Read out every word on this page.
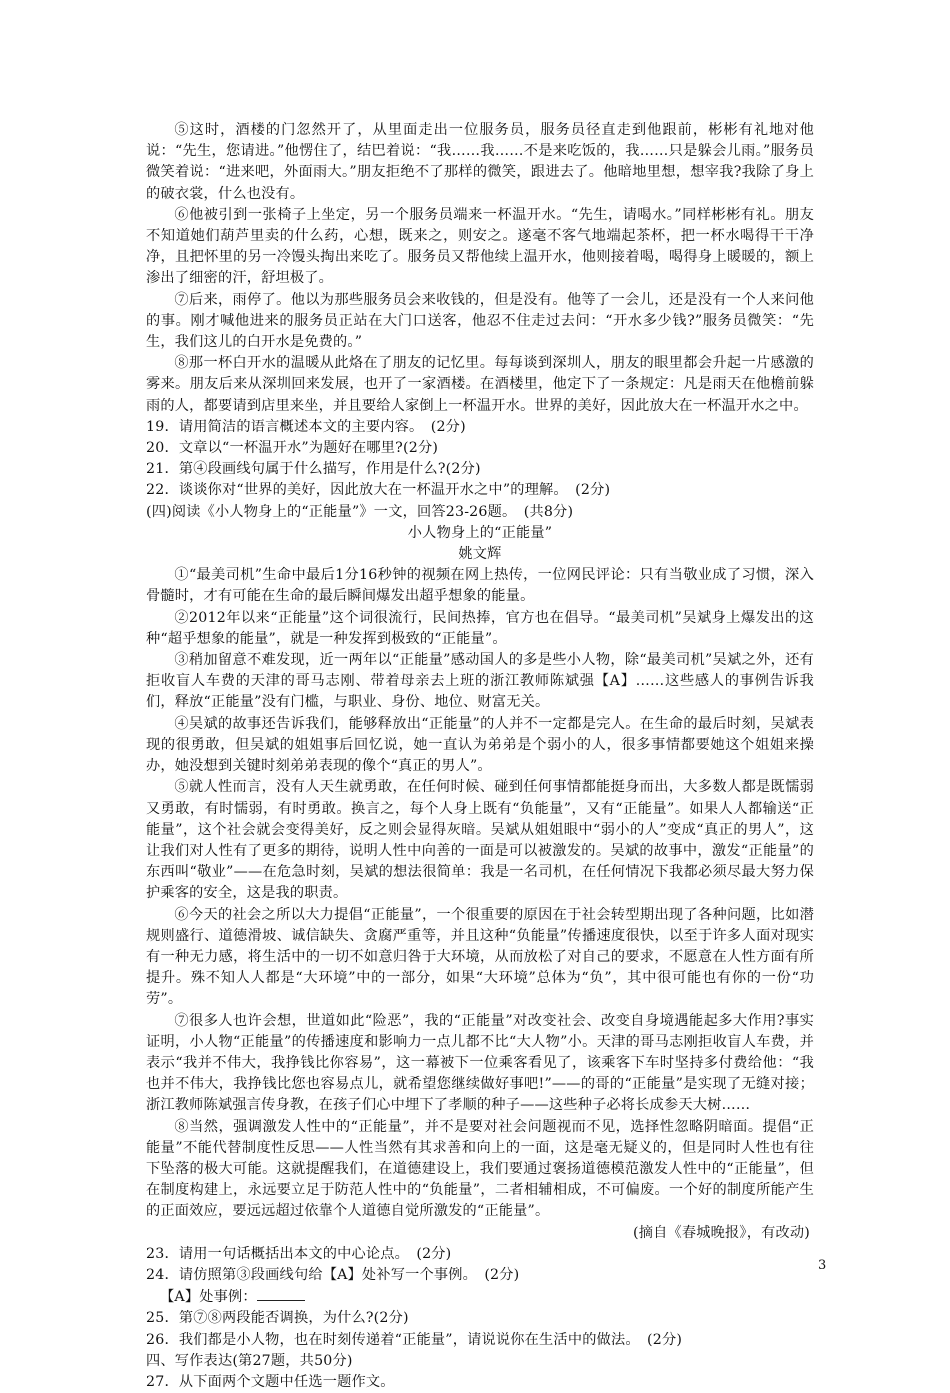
⑤这时，酒楼的门忽然开了，从里面走出一位服务员，服务员径直走到他跟前，彬彬有礼地对他说：“先生，您请进。”他愣住了，结巴着说：“我……我……不是来吃饭的，我……只是躲会儿雨。”服务员微笑着说：“进来吧，外面雨大。”朋友拒绝不了那样的微笑，跟进去了。他暗地里想，想宰我?我除了身上的破衣裳，什么也没有。

⑥他被引到一张椅子上坐定，另一个服务员端来一杯温开水。“先生，请喝水。”同样彬彬有礼。朋友不知道她们葫芦里卖的什么药，心想，既来之，则安之。遂毫不客气地端起茶杯，把一杯水喝得干干净净，且把怀里的另一冷馒头掏出来吃了。服务员又帮他续上温开水，他则接着喝，喝得身上暖暖的，额上渗出了细密的汗，舒坦极了。

⑦后来，雨停了。他以为那些服务员会来收钱的，但是没有。他等了一会儿，还是没有一个人来问他的事。刚才喊他进来的服务员正站在大门口送客，他忍不住走过去问：“开水多少钱?”服务员微笑：“先生，我们这儿的白开水是免费的。”

⑧那一杯白开水的温暖从此烙在了朋友的记忆里。每每谈到深圳人，朋友的眼里都会升起一片感激的雾来。朋友后来从深圳回来发展，也开了一家酒楼。在酒楼里，他定下了一条规定：凡是雨天在他檐前躲雨的人，都要请到店里来坐，并且要给人家倒上一杯温开水。世界的美好，因此放大在一杯温开水之中。

19．请用简洁的语言概述本文的主要内容。　(2分)

20．文章以“一杯温开水”为题好在哪里?(2分)

21．第④段画线句属于什么描写，作用是什么?(2分)

22．谈谈你对“世界的美好，因此放大在一杯温开水之中”的理解。　(2分)

(四)阅读《小人物身上的“正能量”》一文，回答23-26题。　(共8分)

小人物身上的“正能量”

姚文辉

①“最美司机”生命中最后1分16秒钟的视频在网上热传，一位网民评论：只有当敬业成了习惯，深入骨髓时，才有可能在生命的最后瞬间爆发出超乎想象的能量。

②2012年以来“正能量”这个词很流行，民间热捧，官方也在倡导。“最美司机”吴斌身上爆发出的这种“超乎想象的能量”，就是一种发挥到极致的“正能量”。

③稍加留意不难发现，近一两年以“正能量”感动国人的多是些小人物，除“最美司机”吴斌之外，还有拒收盲人车费的天津的哥马志刚、带着母亲去上班的浙江教师陈斌强【A】……这些感人的事例告诉我们，释放“正能量”没有门槛，与职业、身份、地位、财富无关。

④吴斌的故事还告诉我们，能够释放出“正能量”的人并不一定都是完人。在生命的最后时刻，吴斌表现的很勇敢，但吴斌的姐姐事后回忆说，她一直认为弟弟是个弱小的人，很多事情都要她这个姐姐来操办，她没想到关键时刻弟弟表现的像个“真正的男人”。

⑤就人性而言，没有人天生就勇敢，在任何时候、碰到任何事情都能挺身而出，大多数人都是既懦弱又勇敢，有时懦弱，有时勇敢。换言之，每个人身上既有“负能量”，又有“正能量”。如果人人都输送“正能量”，这个社会就会变得美好，反之则会显得灰暗。吴斌从姐姐眼中“弱小的人”变成“真正的男人”，这让我们对人性有了更多的期待，说明人性中向善的一面是可以被激发的。吴斌的故事中，激发“正能量”的东西叫“敬业”——在危急时刻，吴斌的想法很简单：我是一名司机，在任何情况下我都必须尽最大努力保护乘客的安全，这是我的职责。

⑥今天的社会之所以大力提倡“正能量”，一个很重要的原因在于社会转型期出现了各种问题，比如潜规则盛行、道德滑坡、诚信缺失、贪腐严重等，并且这种“负能量”传播速度很快，以至于许多人面对现实有一种无力感，将生活中的一切不如意归咎于大环境，从而放松了对自己的要求，不愿意在人性方面有所提升。殊不知人人都是“大环境”中的一部分，如果“大环境”总体为“负”，其中很可能也有你的一份“功劳”。

⑦很多人也许会想，世道如此“险恶”，我的“正能量”对改变社会、改变自身境遇能起多大作用?事实证明，小人物“正能量”的传播速度和影响力一点儿都不比“大人物”小。天津的哥马志刚拒收盲人车费，并表示“我并不伟大，我挣钱比你容易”，这一幕被下一位乘客看见了，该乘客下车时坚持多付费给他：“我也并不伟大，我挣钱比您也容易点儿，就希望您继续做好事吧!”——的哥的“正能量”是实现了无缝对接；浙江教师陈斌强言传身教，在孩子们心中埋下了孝顺的种子——这些种子必将长成参天大树……

⑧当然，强调激发人性中的“正能量”，并不是要对社会问题视而不见，选择性忽略阴暗面。提倡“正能量”不能代替制度性反思——人性当然有其求善和向上的一面，这是毫无疑义的，但是同时人性也有往下坠落的极大可能。这就提醒我们，在道德建设上，我们要通过褒扬道德模范激发人性中的“正能量”，但在制度构建上，永远要立足于防范人性中的“负能量”，二者相辅相成，不可偏废。一个好的制度所能产生的正面效应，要远远超过依靠个人道德自觉所激发的“正能量”。

(摘自《春城晚报》，有改动)

23．请用一句话概括出本文的中心论点。　(2分)

24．请仿照第③段画线句给【A】处补写一个事例。　(2分)

【A】处事例：

25．第⑦⑧两段能否调换，为什么?(2分)

26．我们都是小人物，也在时刻传递着“正能量”，请说说你在生活中的做法。　(2分)

四、写作表达(第27题，共50分)

27．从下面两个文题中任选一题作文。

3
